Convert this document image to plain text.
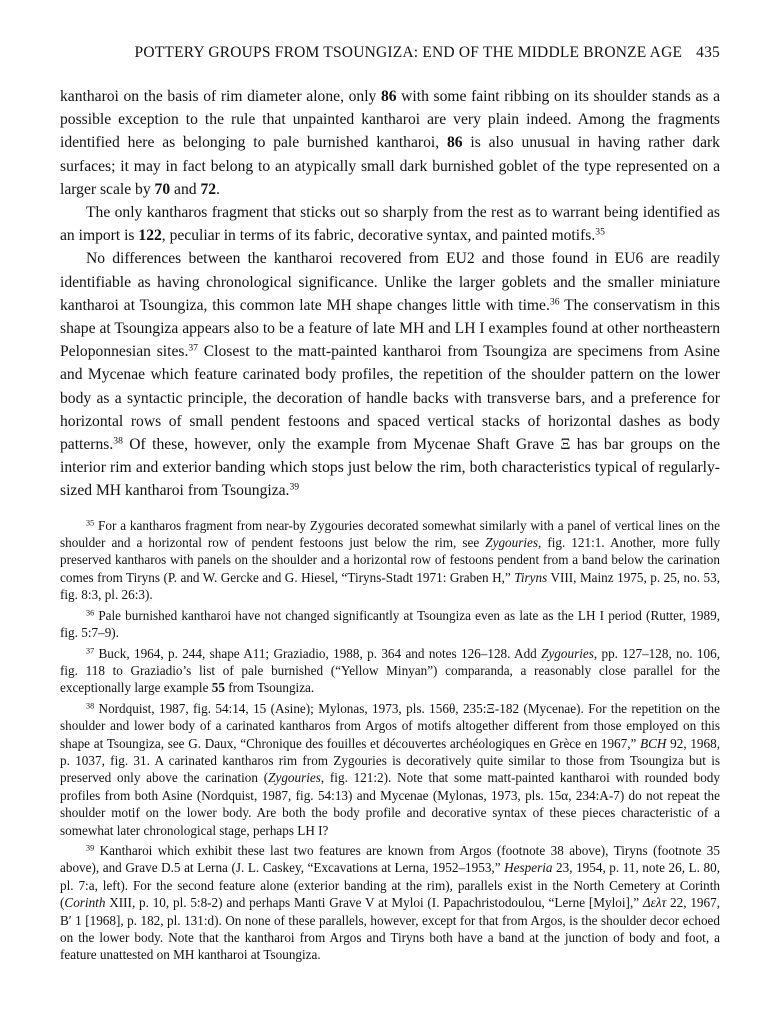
POTTERY GROUPS FROM TSOUNGIZA: END OF THE MIDDLE BRONZE AGE 435

kantharoi on the basis of rim diameter alone, only 86 with some faint ribbing on its shoulder stands as a possible exception to the rule that unpainted kantharoi are very plain indeed. Among the fragments identified here as belonging to pale burnished kantharoi, 86 is also unusual in having rather dark surfaces; it may in fact belong to an atypically small dark burnished goblet of the type represented on a larger scale by 70 and 72.

The only kantharos fragment that sticks out so sharply from the rest as to warrant being identified as an import is 122, peculiar in terms of its fabric, decorative syntax, and painted motifs.$^{35}$

No differences between the kantharoi recovered from EU2 and those found in EU6 are readily identifiable as having chronological significance. Unlike the larger goblets and the smaller miniature kantharoi at Tsoungiza, this common late MH shape changes little with time.$^{36}$ The conservatism in this shape at Tsoungiza appears also to be a feature of late MH and LH I examples found at other northeastern Peloponnesian sites.$^{37}$ Closest to the matt-painted kantharoi from Tsoungiza are specimens from Asine and Mycenae which feature carinated body profiles, the repetition of the shoulder pattern on the lower body as a syntactic principle, the decoration of handle backs with transverse bars, and a preference for horizontal rows of small pendent festoons and spaced vertical stacks of horizontal dashes as body patterns.$^{38}$ Of these, however, only the example from Mycenae Shaft Grave Ξ has bar groups on the interior rim and exterior banding which stops just below the rim, both characteristics typical of regularly-sized MH kantharoi from Tsoungiza.$^{39}$

$^{35}$ For a kantharos fragment from near-by Zygouries decorated somewhat similarly with a panel of vertical lines on the shoulder and a horizontal row of pendent festoons just below the rim, see Zygouries, fig. 121:1. Another, more fully preserved kantharos with panels on the shoulder and a horizontal row of festoons pendent from a band below the carination comes from Tiryns (P. and W. Gercke and G. Hiesel, “Tiryns-Stadt 1971: Graben H,” Tiryns VIII, Mainz 1975, p. 25, no. 53, fig. 8:3, pl. 26:3).

$^{36}$ Pale burnished kantharoi have not changed significantly at Tsoungiza even as late as the LH I period (Rutter, 1989, fig. 5:7–9).

$^{37}$ Buck, 1964, p. 244, shape A11; Graziadio, 1988, p. 364 and notes 126–128. Add Zygouries, pp. 127–128, no. 106, fig. 118 to Graziadio’s list of pale burnished (“Yellow Minyan”) comparanda, a reasonably close parallel for the exceptionally large example 55 from Tsoungiza.

$^{38}$ Nordquist, 1987, fig. 54:14, 15 (Asine); Mylonas, 1973, pls. 156θ, 235:Ξ-182 (Mycenae). For the repetition on the shoulder and lower body of a carinated kantharos from Argos of motifs altogether different from those employed on this shape at Tsoungiza, see G. Daux, “Chronique des fouilles et découvertes archéologiques en Grèce en 1967,” BCH 92, 1968, p. 1037, fig. 31. A carinated kantharos rim from Zygouries is decoratively quite similar to those from Tsoungiza but is preserved only above the carination (Zygouries, fig. 121:2). Note that some matt-painted kantharoi with rounded body profiles from both Asine (Nordquist, 1987, fig. 54:13) and Mycenae (Mylonas, 1973, pls. 15α, 234:A-7) do not repeat the shoulder motif on the lower body. Are both the body profile and decorative syntax of these pieces characteristic of a somewhat later chronological stage, perhaps LH I?

$^{39}$ Kantharoi which exhibit these last two features are known from Argos (footnote 38 above), Tiryns (footnote 35 above), and Grave D.5 at Lerna (J. L. Caskey, “Excavations at Lerna, 1952–1953,” Hesperia 23, 1954, p. 11, note 26, L. 80, pl. 7:a, left). For the second feature alone (exterior banding at the rim), parallels exist in the North Cemetery at Corinth (Corinth XIII, p. 10, pl. 5:8-2) and perhaps Manti Grave V at Myloi (I. Papachristodoulou, “Lerne [Myloi],” Δελτ 22, 1967, B′ 1 [1968], p. 182, pl. 131:d). On none of these parallels, however, except for that from Argos, is the shoulder decor echoed on the lower body. Note that the kantharoi from Argos and Tiryns both have a band at the junction of body and foot, a feature unattested on MH kantharoi at Tsoungiza.
